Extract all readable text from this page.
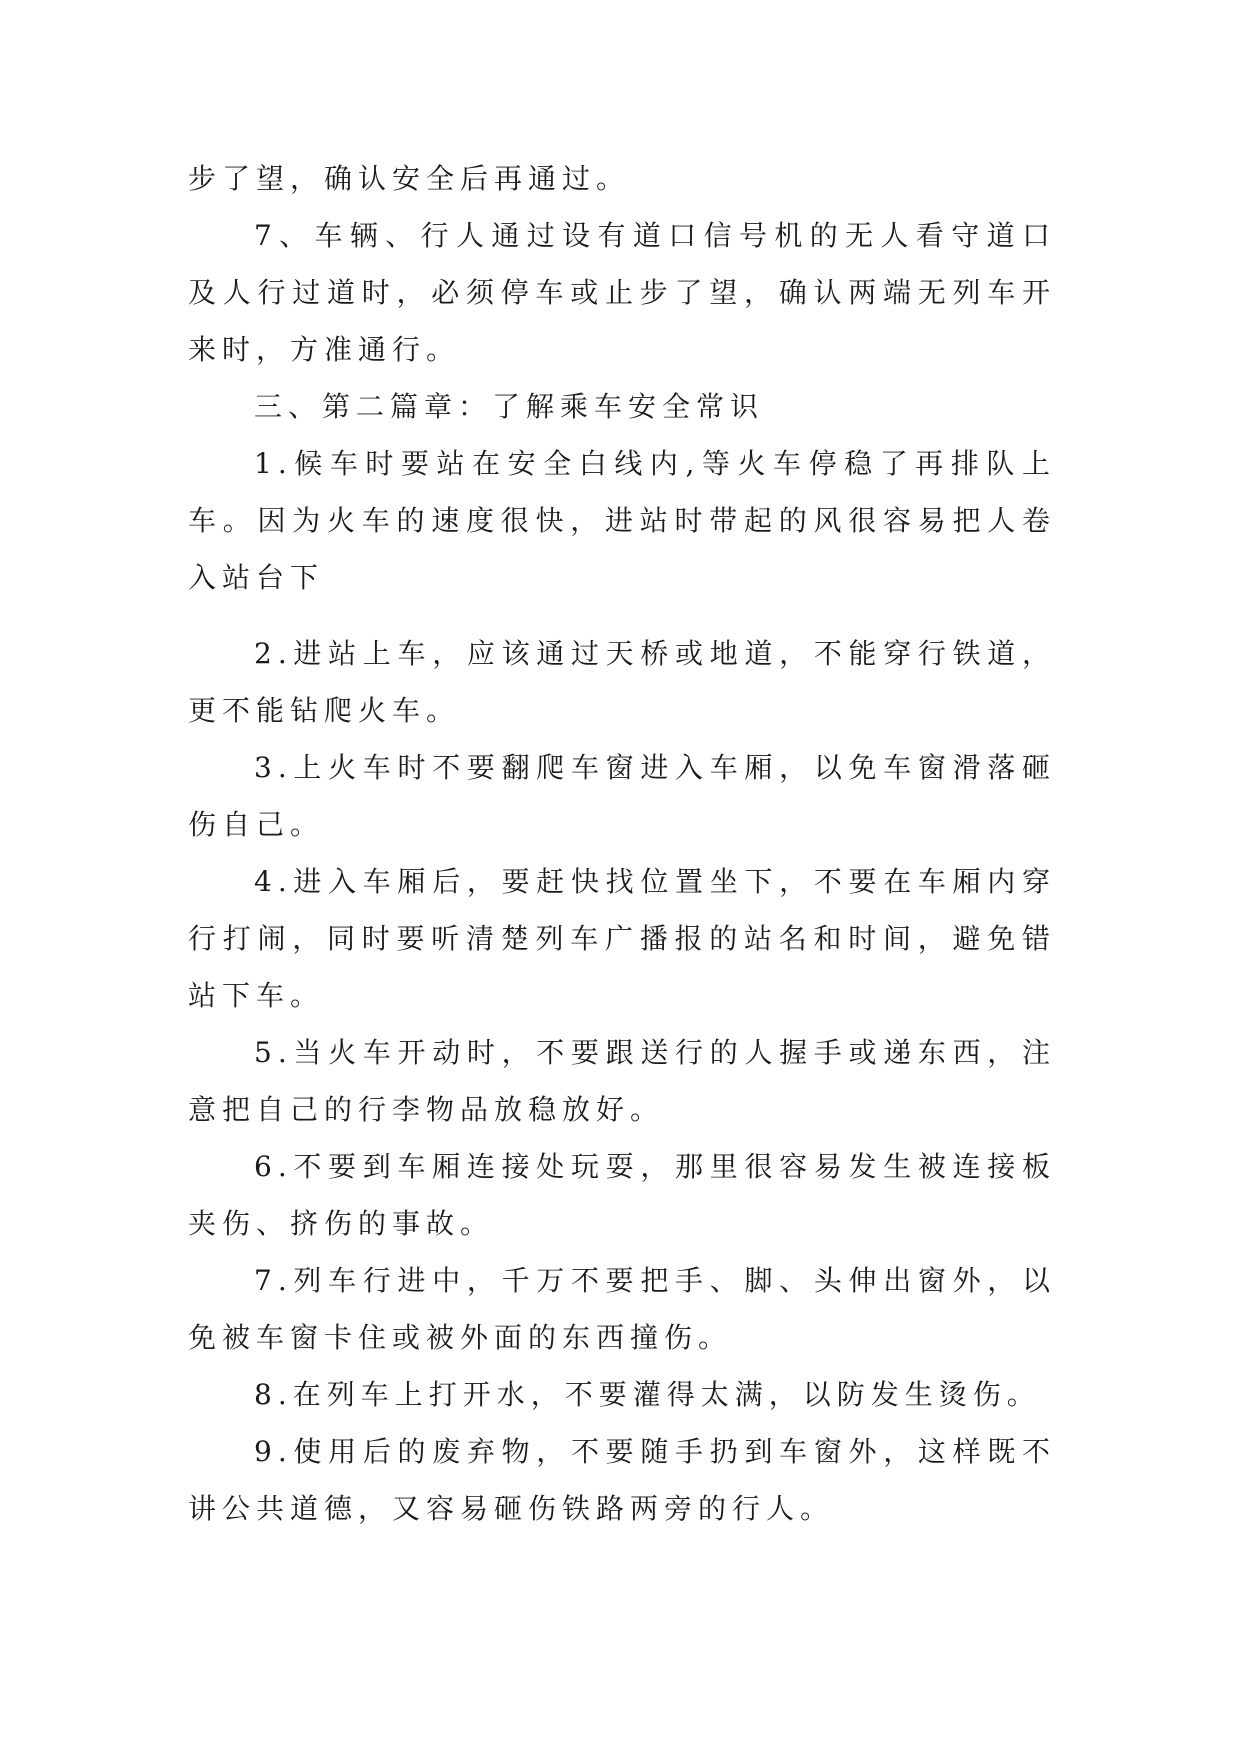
步了望，确认安全后再通过。

7、车辆、行人通过设有道口信号机的无人看守道口及人行过道时，必须停车或止步了望，确认两端无列车开来时，方准通行。

三、第二篇章：了解乘车安全常识

1.候车时要站在安全白线内,等火车停稳了再排队上车。因为火车的速度很快，进站时带起的风很容易把人卷入站台下

2.进站上车，应该通过天桥或地道，不能穿行铁道，更不能钻爬火车。

3.上火车时不要翻爬车窗进入车厢，以免车窗滑落砸伤自己。

4.进入车厢后，要赶快找位置坐下，不要在车厢内穿行打闹，同时要听清楚列车广播报的站名和时间，避免错站下车。

5.当火车开动时，不要跟送行的人握手或递东西，注意把自己的行李物品放稳放好。

6.不要到车厢连接处玩耍，那里很容易发生被连接板夹伤、挤伤的事故。

7.列车行进中，千万不要把手、脚、头伸出窗外，以免被车窗卡住或被外面的东西撞伤。

8.在列车上打开水，不要灌得太满，以防发生烫伤。

9.使用后的废弃物，不要随手扔到车窗外，这样既不讲公共道德，又容易砸伤铁路两旁的行人。
